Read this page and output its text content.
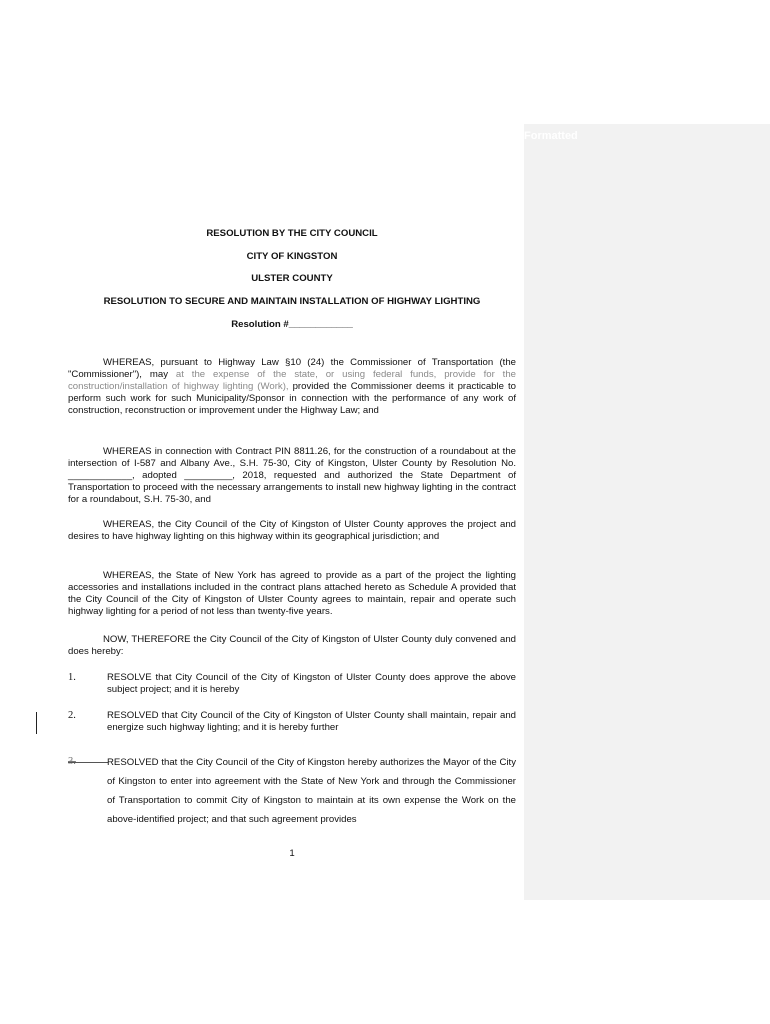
Formatted
RESOLUTION BY THE CITY COUNCIL
CITY OF KINGSTON
ULSTER COUNTY
RESOLUTION TO SECURE AND MAINTAIN INSTALLATION OF HIGHWAY LIGHTING
Resolution #____________
WHEREAS, pursuant to Highway Law §10 (24) the Commissioner of Transportation (the "Commissioner"), may at the expense of the state, or using federal funds, provide for the construction/installation of highway lighting (Work), provided the Commissioner deems it practicable to perform such work for such Municipality/Sponsor in connection with the performance of any work of construction, reconstruction or improvement under the Highway Law; and
WHEREAS in connection with Contract PIN 8811.26, for the construction of a roundabout at the intersection of I-587 and Albany Ave., S.H. 75-30, City of Kingston, Ulster County by Resolution No. ____________, adopted _________, 2018, requested and authorized the State Department of Transportation to proceed with the necessary arrangements to install new highway lighting in the contract for a roundabout, S.H. 75-30, and
WHEREAS, the City Council of the City of Kingston of Ulster County approves the project and desires to have highway lighting on this highway within its geographical jurisdiction; and
WHEREAS, the State of New York has agreed to provide as a part of the project the lighting accessories and installations included in the contract plans attached hereto as Schedule A provided that the City Council of the City of Kingston of Ulster County agrees to maintain, repair and operate such highway lighting for a period of not less than twenty-five years.
NOW, THEREFORE the City Council of the City of Kingston of Ulster County duly convened and does hereby:
1.	RESOLVE that City Council of the City of Kingston of Ulster County does approve the above subject project; and it is hereby
2.	RESOLVED that City Council of the City of Kingston of Ulster County shall maintain, repair and energize such highway lighting; and it is hereby further
RESOLVED that the City Council of the City of Kingston hereby authorizes the Mayor of the City of Kingston to enter into agreement with the State of New York and through the Commissioner of Transportation to commit City of Kingston to maintain at its own expense the Work on the above-identified project; and that such agreement provides
1
